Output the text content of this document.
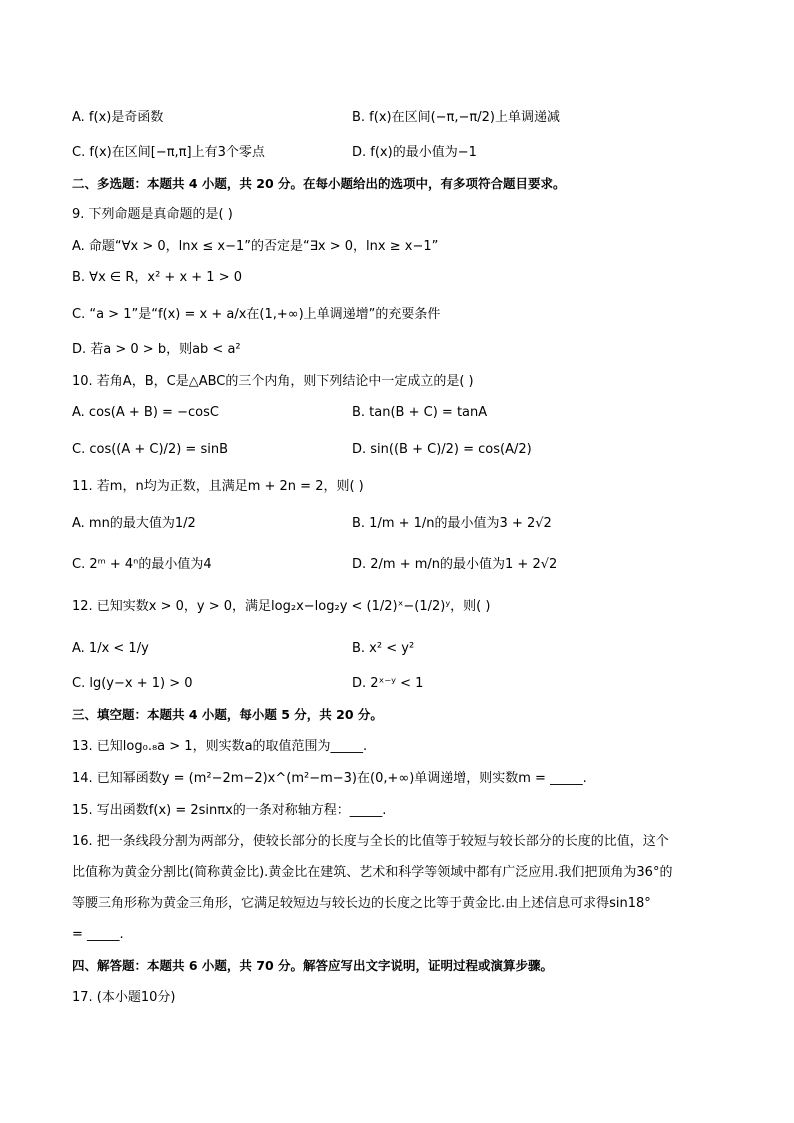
A. f(x)是奇函数	B. f(x)在区间(−π,−π/2)上单调递减
C. f(x)在区间[−π,π]上有3个零点	D. f(x)的最小值为−1
二、多选题：本题共 4 小题，共 20 分。在每小题给出的选项中，有多项符合题目要求。
9. 下列命题是真命题的是( )
A. 命题“∀x > 0，lnx ≤ x−1”的否定是“∃x > 0，lnx ≥ x−1”
B. ∀x ∈ R，x² + x + 1 > 0
C. “a > 1”是“f(x) = x + a/x在(1,+∞)上单调递增”的充要条件
D. 若a > 0 > b，则ab < a²
10. 若角A，B，C是△ABC的三个内角，则下列结论中一定成立的是( )
A. cos(A + B) = −cosC	B. tan(B + C) = tanA
C. cos((A + C)/2) = sinB	D. sin((B + C)/2) = cos(A/2)
11. 若m，n均为正数，且满足m + 2n = 2，则( )
A. mn的最大值为1/2	B. 1/m + 1/n的最小值为3 + 2√2
C. 2ᵐ + 4ⁿ的最小值为4	D. 2/m + m/n的最小值为1 + 2√2
12. 已知实数x > 0，y > 0，满足log₂x−log₂y < (1/2)ˣ−(1/2)ʸ，则( )
A. 1/x < 1/y	B. x² < y²
C. lg(y−x + 1) > 0	D. 2ˣ⁻ʸ < 1
三、填空题：本题共 4 小题，每小题 5 分，共 20 分。
13. 已知log₀.₈a > 1，则实数a的取值范围为_____.
14. 已知幂函数y = (m²−2m−2)x^(m²−m−3)在(0,+∞)单调递增，则实数m = _____.
15. 写出函数f(x) = 2sinπx的一条对称轴方程：_____.
16. 把一条线段分割为两部分，使较长部分的长度与全长的比值等于较短与较长部分的长度的比值，这个
比值称为黄金分割比(简称黄金比).黄金比在建筑、艺术和科学等领域中都有广泛应用.我们把顶角为36°的
等腰三角形称为黄金三角形，它满足较短边与较长边的长度之比等于黄金比.由上述信息可求得sin18°
= _____.
四、解答题：本题共 6 小题，共 70 分。解答应写出文字说明，证明过程或演算步骤。
17. (本小题10分)
